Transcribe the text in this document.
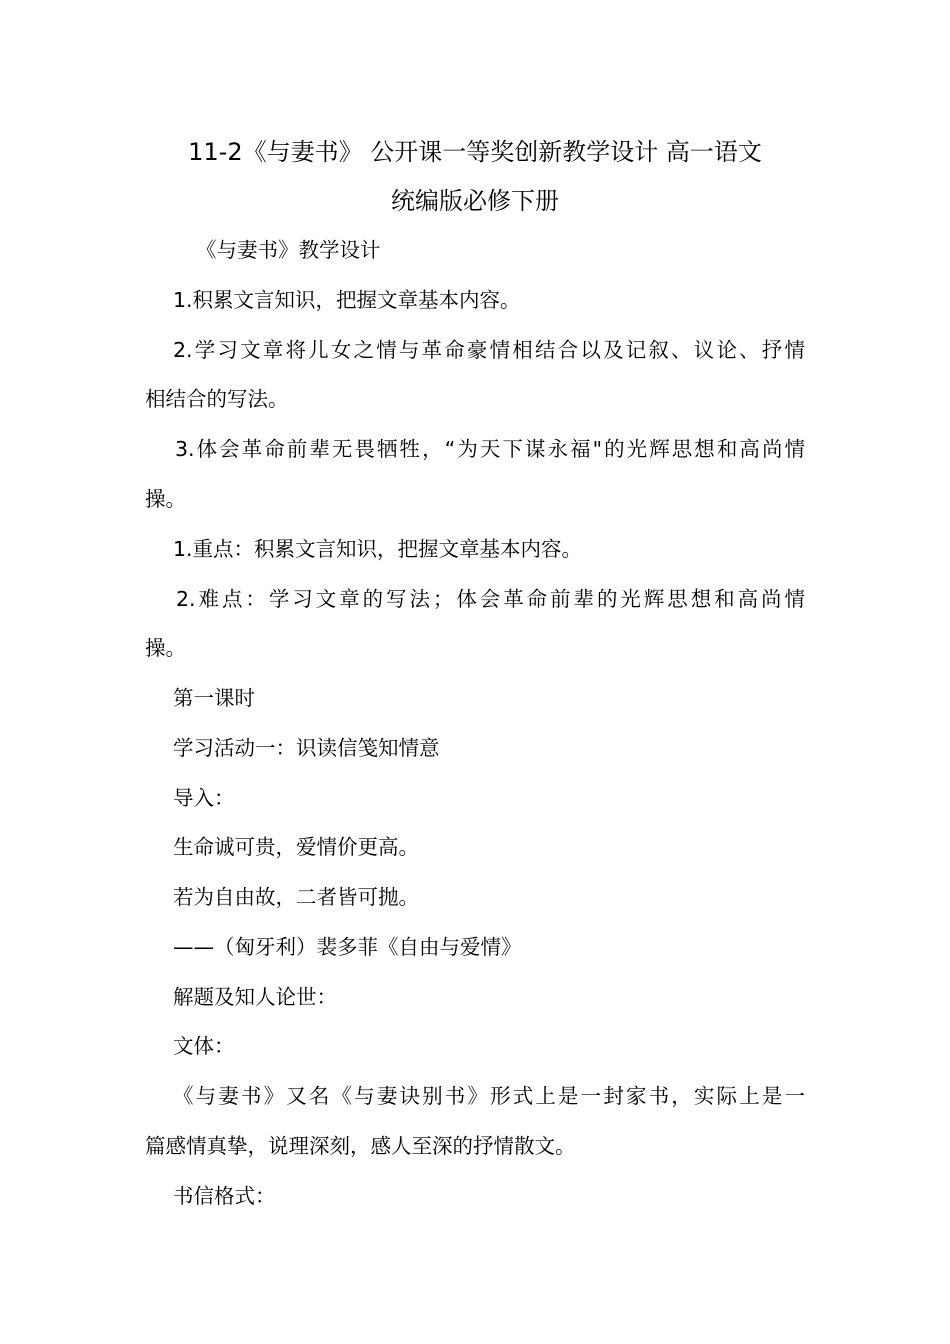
11-2《与妻书》 公开课一等奖创新教学设计 高一语文
统编版必修下册
《与妻书》教学设计
1.积累文言知识，把握文章基本内容。
2.学习文章将儿女之情与革命豪情相结合以及记叙、议论、抒情
相结合的写法。
3.体会革命前辈无畏牺牲，“为天下谋永福"的光辉思想和高尚情
操。
1.重点：积累文言知识，把握文章基本内容。
2.难点：学习文章的写法；体会革命前辈的光辉思想和高尚情
操。
第一课时
学习活动一：识读信笺知情意
导入：
生命诚可贵，爱情价更高。
若为自由故，二者皆可抛。
——（匈牙利）裴多菲《自由与爱情》
解题及知人论世：
文体：
《与妻书》又名《与妻诀别书》形式上是一封家书，实际上是一
篇感情真挚，说理深刻，感人至深的抒情散文。
书信格式：
